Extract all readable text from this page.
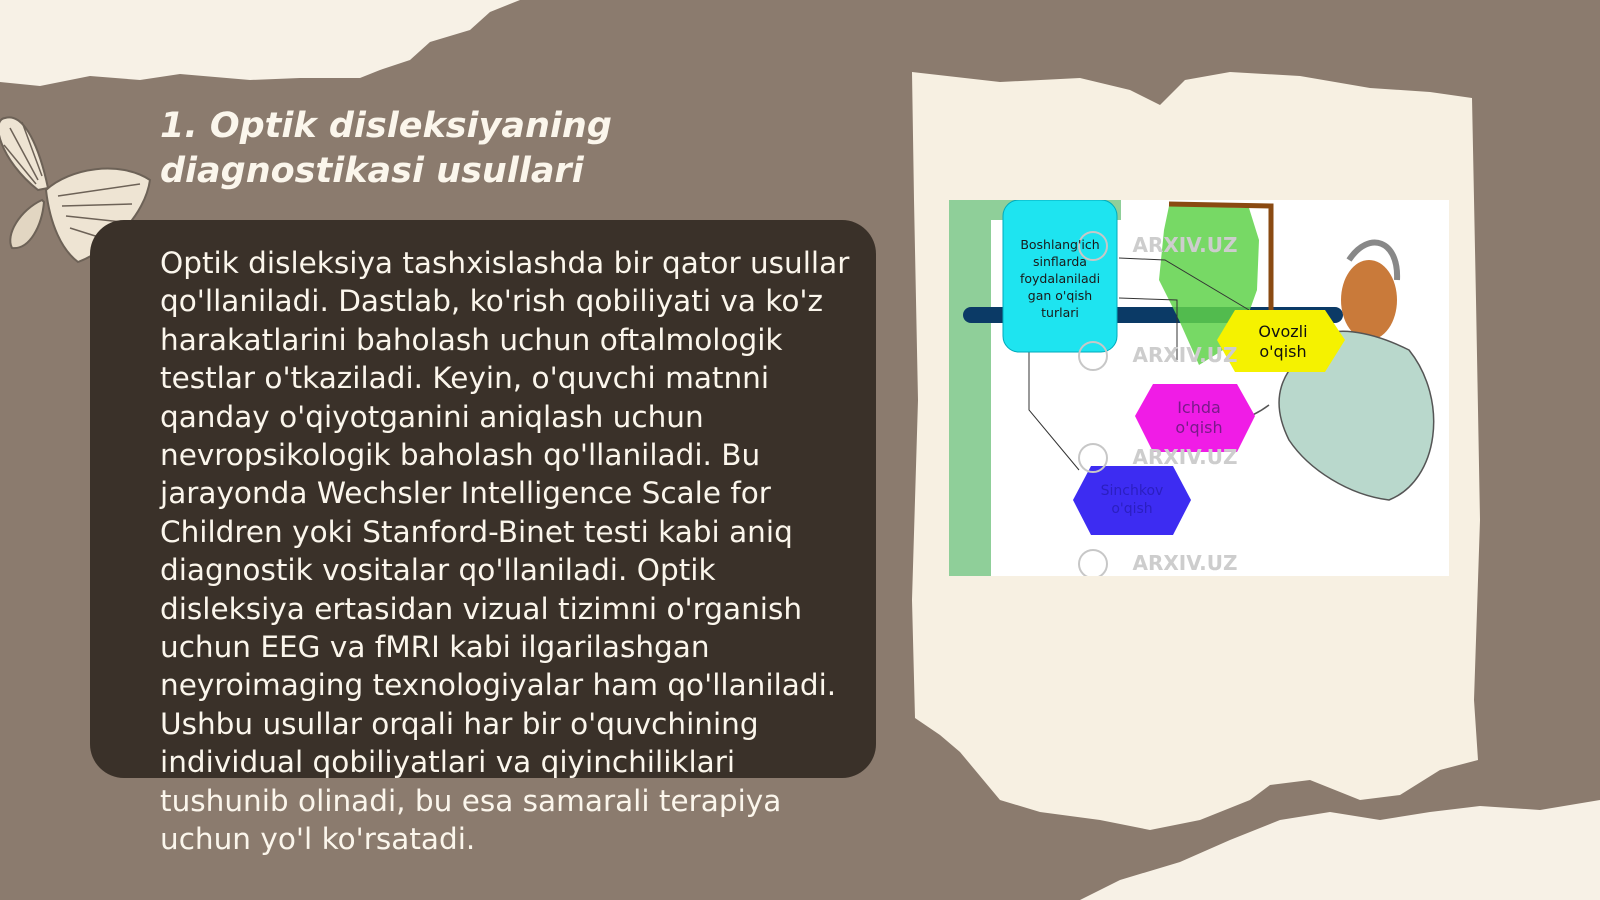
1. Optik disleksiyaning diagnostikasi usullari

Optik disleksiya tashxislashda bir qator usullar qo'llaniladi. Dastlab, ko'rish qobiliyati va ko'z harakatlarini baholash uchun oftalmologik testlar o'tkaziladi. Keyin, o'quvchi matnni qanday o'qiyotganini aniqlash uchun nevropsikologik baholash qo'llaniladi. Bu jarayonda Wechsler Intelligence Scale for Children yoki Stanford-Binet testi kabi aniq diagnostik vositalar qo'llaniladi. Optik disleksiya ertasidan vizual tizimni o'rganish uchun EEG va fMRI kabi ilgarilashgan neyroimaging texnologiyalar ham qo'llaniladi. Ushbu usullar orqali har bir o'quvchining individual qobiliyatlari va qiyinchiliklari tushunib olinadi, bu esa samarali terapiya uchun yo'l ko'rsatadi.

ARXIV.UZ
ARXIV.UZ
ARXIV.UZ
ARXIV.UZ
Boshlang'ich sinflarda foydalaniladi gan o'qish turlari
Ovozli o'qish
Ichda o'qish
Sinchkov o'qish
